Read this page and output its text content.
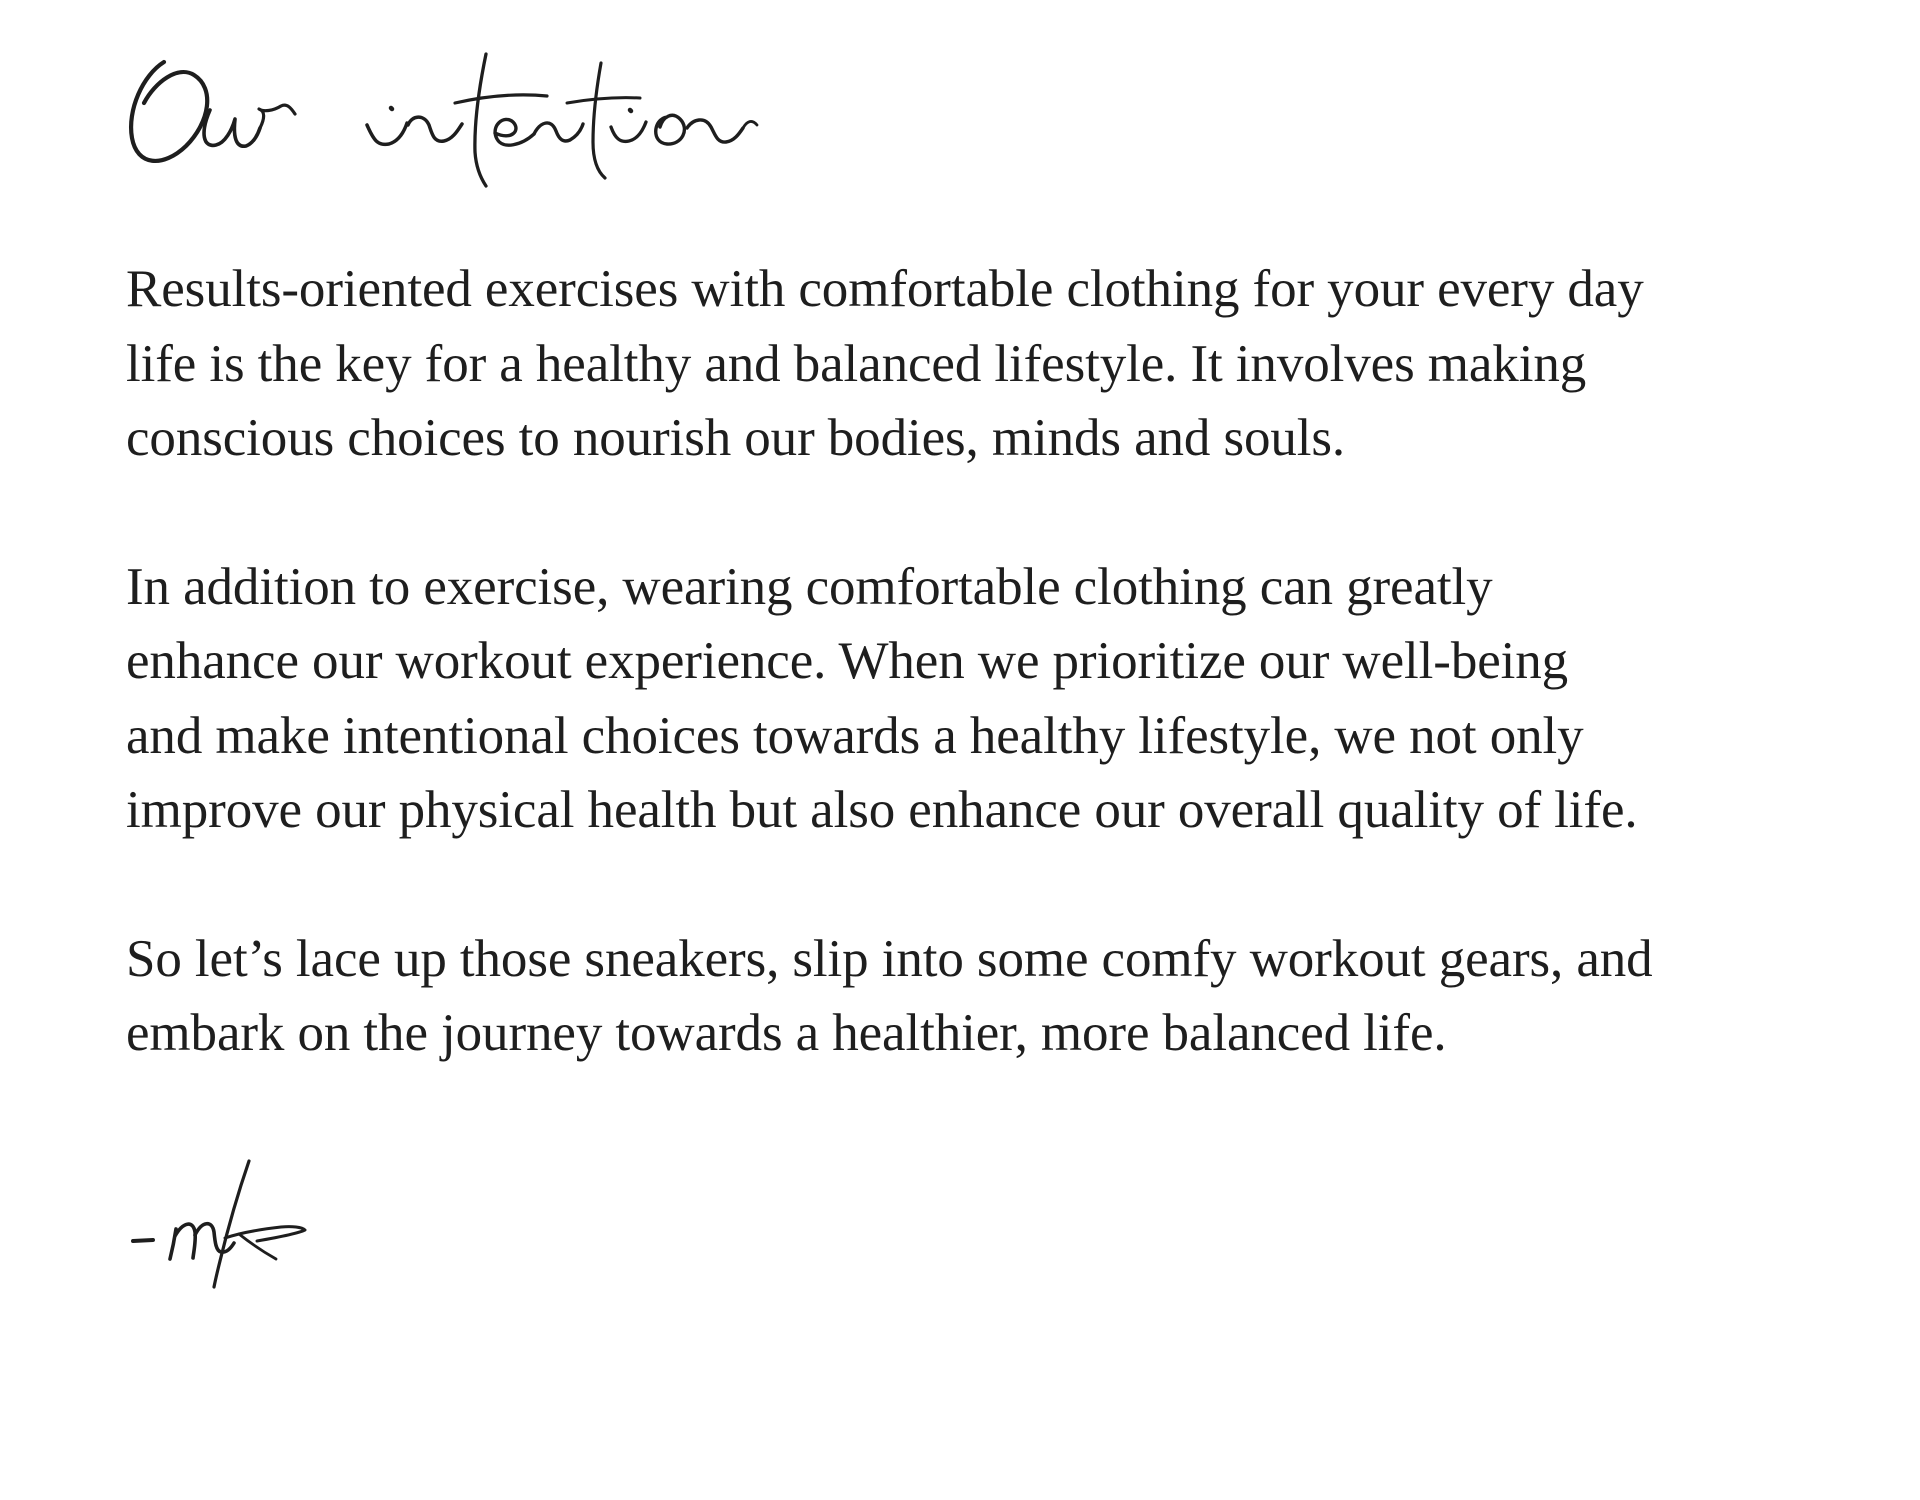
Results-oriented exercises with comfortable clothing for your every day
life is the key for a healthy and balanced lifestyle. It involves making
conscious choices to nourish our bodies, minds and souls.

In addition to exercise, wearing comfortable clothing can greatly
enhance our workout experience. When we prioritize our well-being
and make intentional choices towards a healthy lifestyle, we not only
improve our physical health but also enhance our overall quality of life.

So let’s lace up those sneakers, slip into some comfy workout gears, and
embark on the journey towards a healthier, more balanced life.
